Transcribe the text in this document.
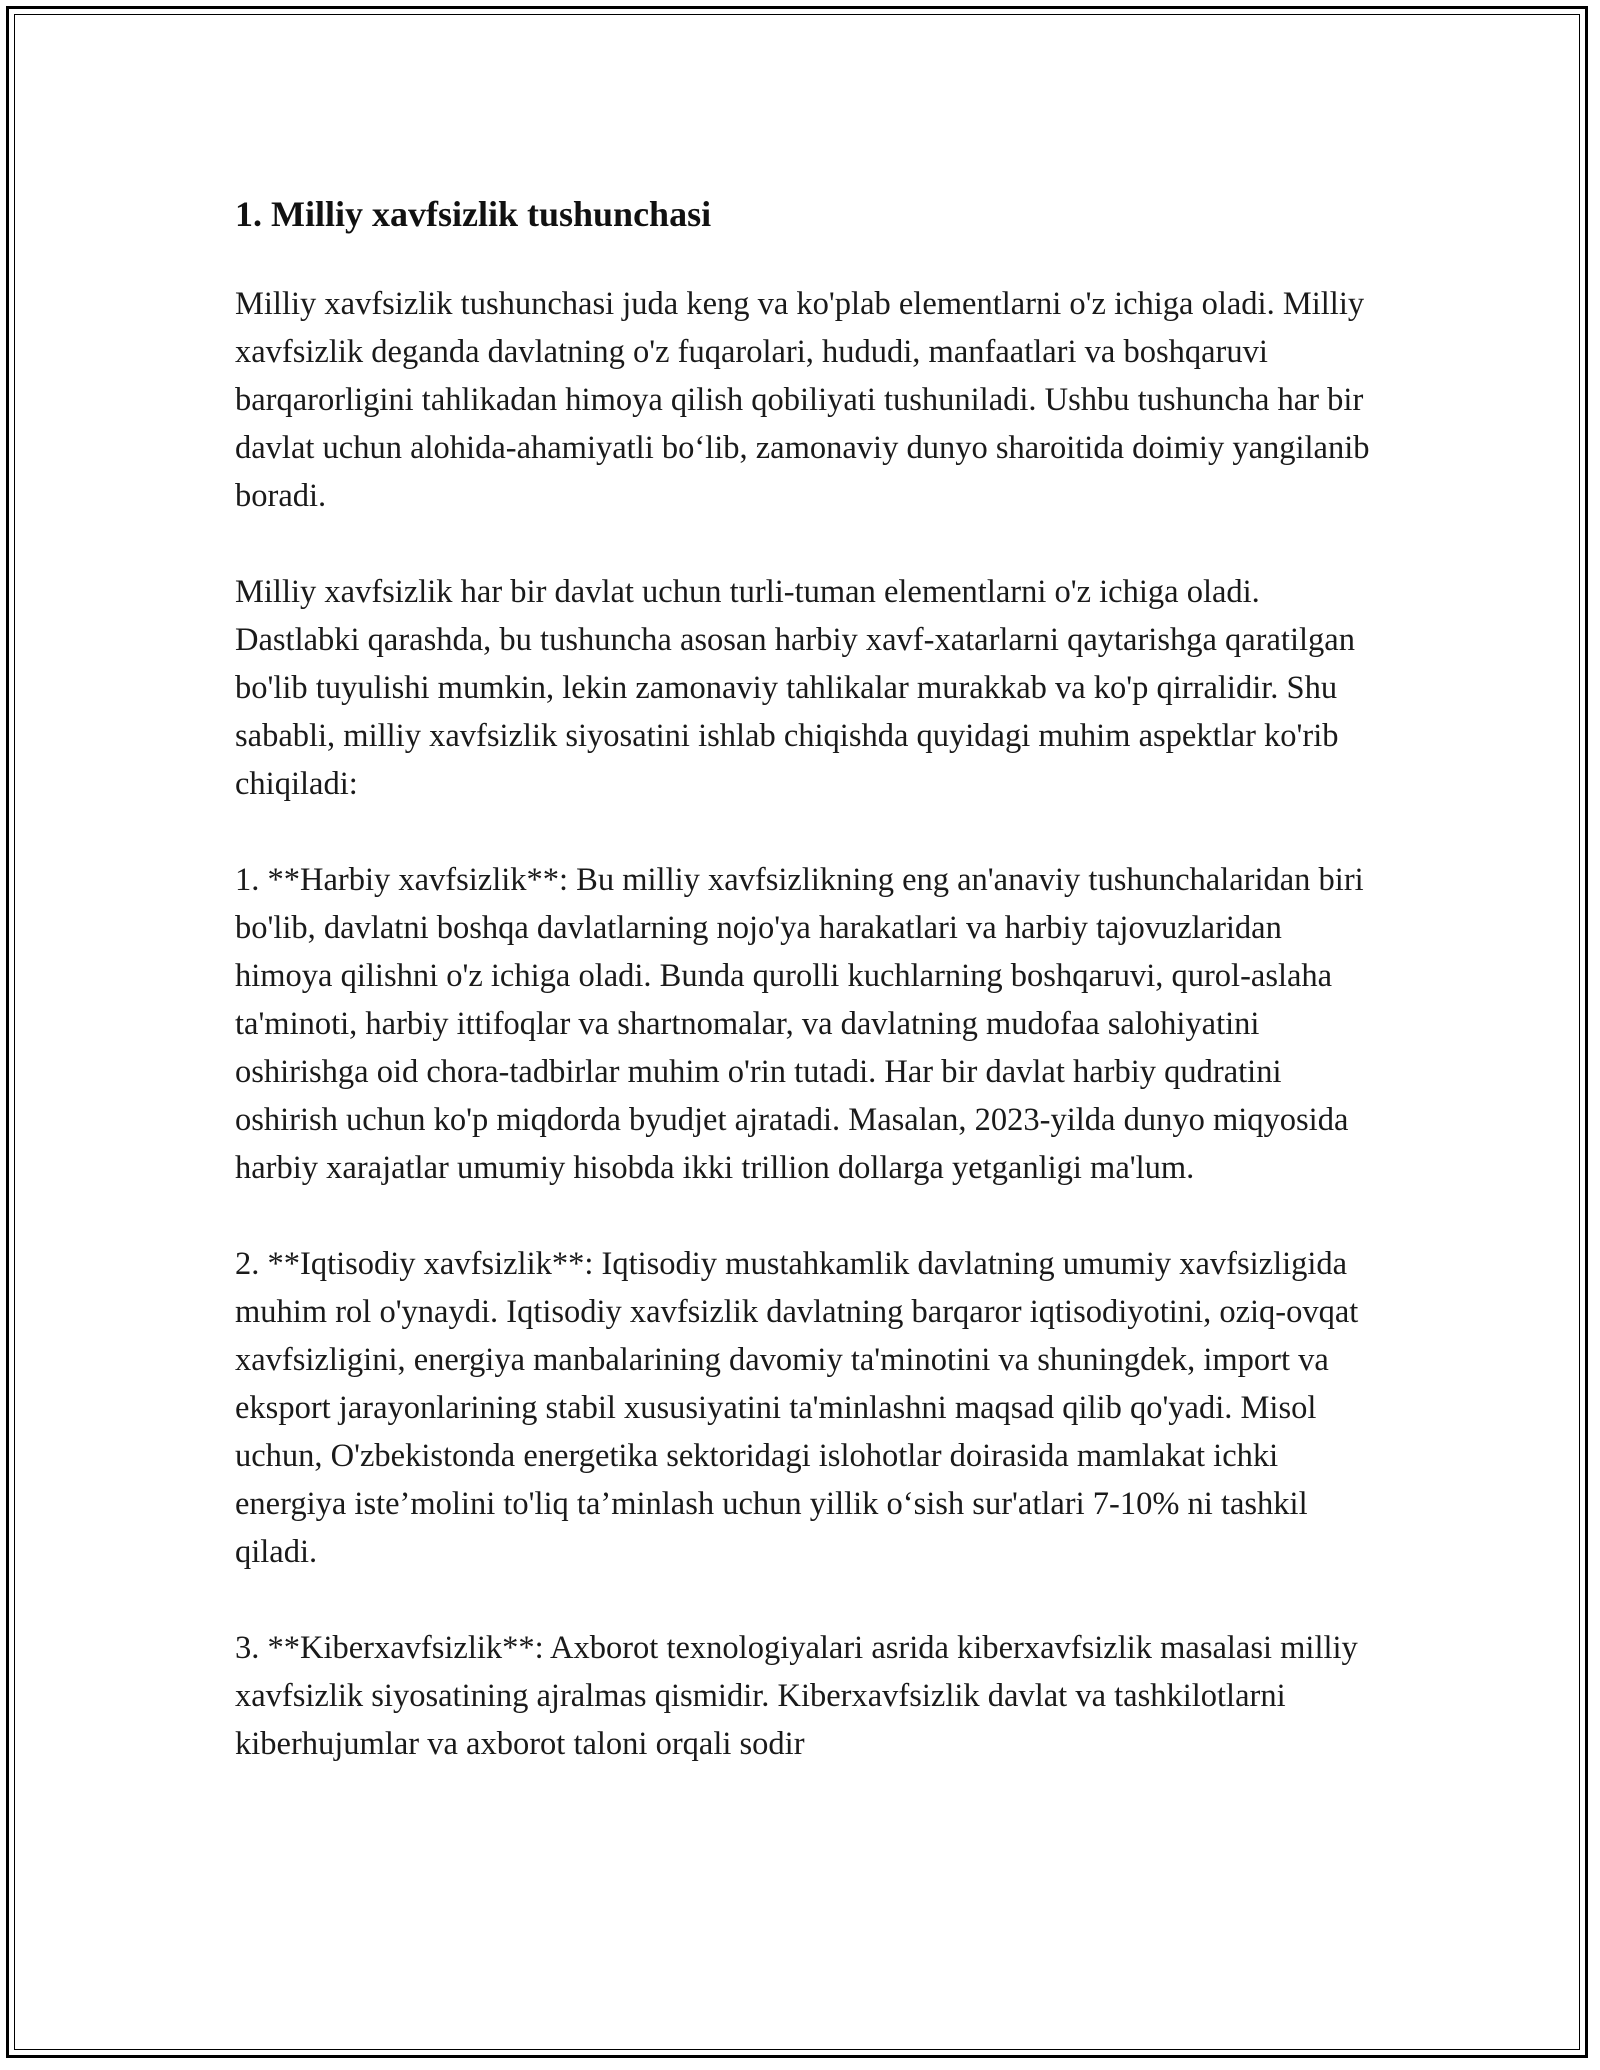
1. Milliy xavfsizlik tushunchasi

Milliy xavfsizlik tushunchasi juda keng va ko'plab elementlarni o'z ichiga oladi. Milliy xavfsizlik deganda davlatning o'z fuqarolari, hududi, manfaatlari va boshqaruvi barqarorligini tahlikadan himoya qilish qobiliyati tushuniladi. Ushbu tushuncha har bir davlat uchun alohida-ahamiyatli bo‘lib, zamonaviy dunyo sharoitida doimiy yangilanib boradi.

Milliy xavfsizlik har bir davlat uchun turli-tuman elementlarni o'z ichiga oladi. Dastlabki qarashda, bu tushuncha asosan harbiy xavf-xatarlarni qaytarishga qaratilgan bo'lib tuyulishi mumkin, lekin zamonaviy tahlikalar murakkab va ko'p qirralidir. Shu sababli, milliy xavfsizlik siyosatini ishlab chiqishda quyidagi muhim aspektlar ko'rib chiqiladi:

1. **Harbiy xavfsizlik**: Bu milliy xavfsizlikning eng an'anaviy tushunchalaridan biri bo'lib, davlatni boshqa davlatlarning nojo'ya harakatlari va harbiy tajovuzlaridan himoya qilishni o'z ichiga oladi. Bunda qurolli kuchlarning boshqaruvi, qurol-aslaha ta'minoti, harbiy ittifoqlar va shartnomalar, va davlatning mudofaa salohiyatini oshirishga oid chora-tadbirlar muhim o'rin tutadi. Har bir davlat harbiy qudratini oshirish uchun ko'p miqdorda byudjet ajratadi. Masalan, 2023-yilda dunyo miqyosida harbiy xarajatlar umumiy hisobda ikki trillion dollarga yetganligi ma'lum.

2. **Iqtisodiy xavfsizlik**: Iqtisodiy mustahkamlik davlatning umumiy xavfsizligida muhim rol o'ynaydi. Iqtisodiy xavfsizlik davlatning barqaror iqtisodiyotini, oziq-ovqat xavfsizligini, energiya manbalarining davomiy ta'minotini va shuningdek, import va eksport jarayonlarining stabil xususiyatini ta'minlashni maqsad qilib qo'yadi. Misol uchun, O'zbekistonda energetika sektoridagi islohotlar doirasida mamlakat ichki energiya iste’molini to'liq ta’minlash uchun yillik o‘sish sur'atlari 7-10% ni tashkil qiladi.

3. **Kiberxavfsizlik**: Axborot texnologiyalari asrida kiberxavfsizlik masalasi milliy xavfsizlik siyosatining ajralmas qismidir. Kiberxavfsizlik davlat va tashkilotlarni kiberhujumlar va axborot taloni orqali sodir
